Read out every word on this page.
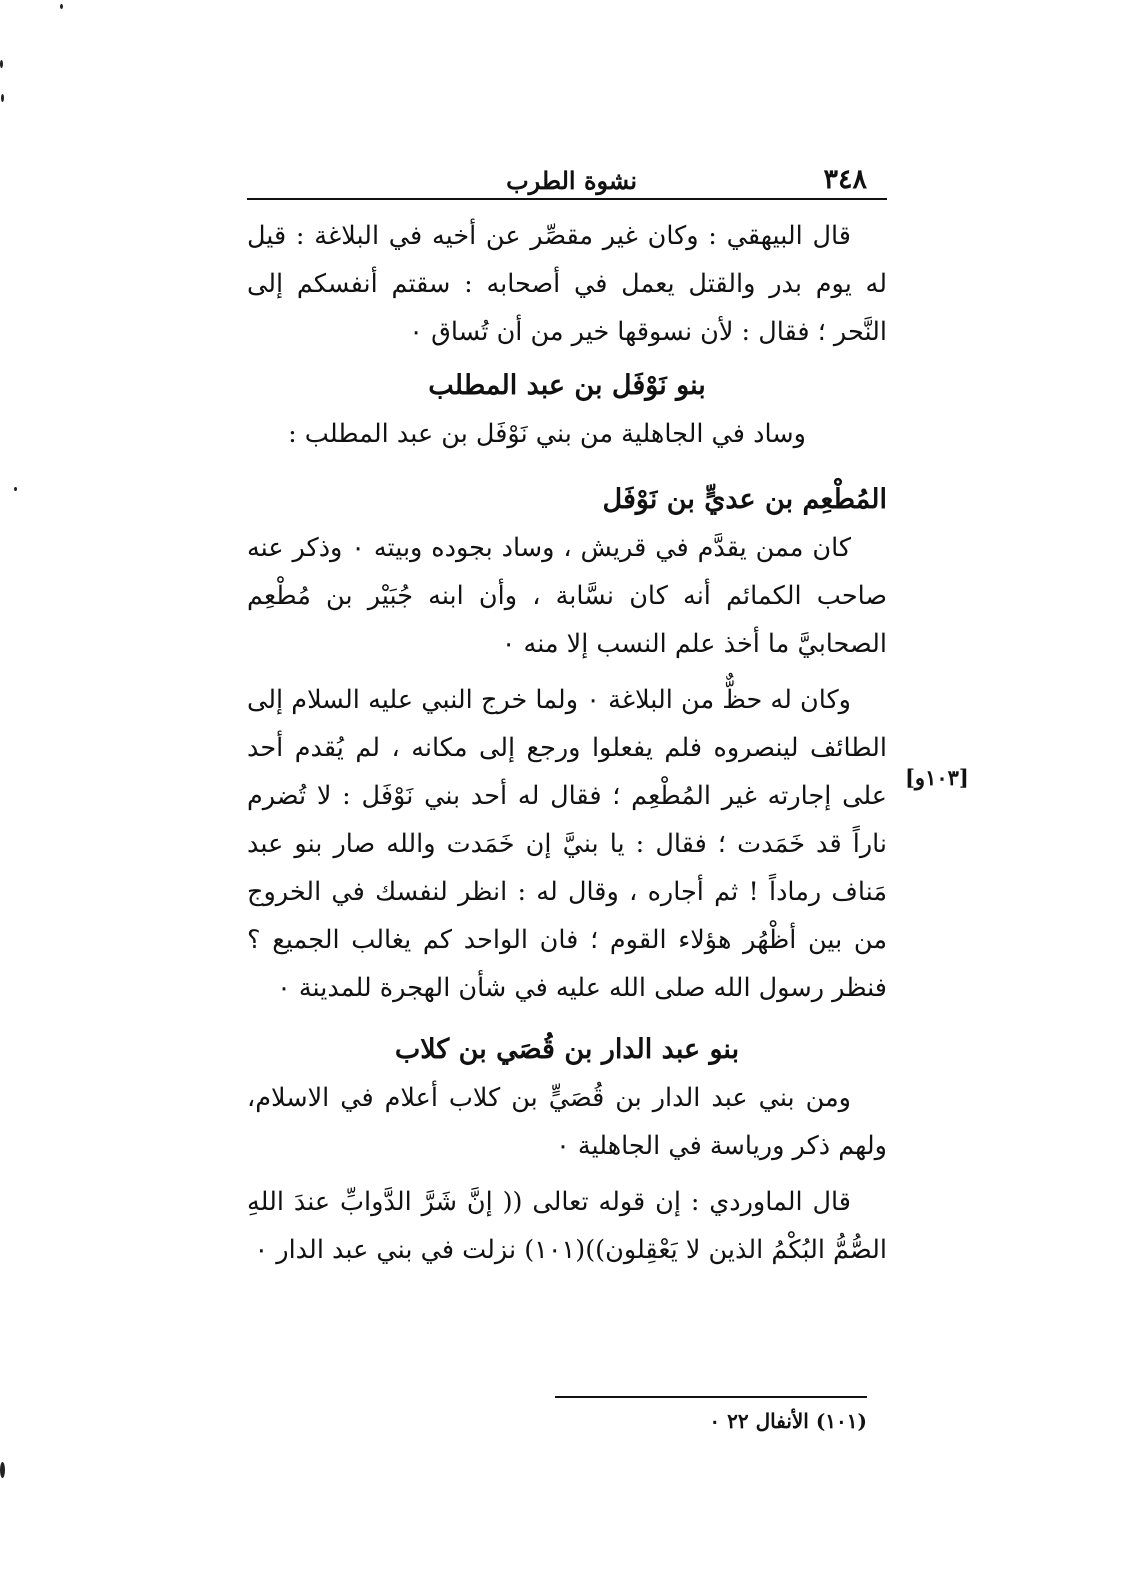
٣٤٨
نشوة الطرب

قال البيهقي : وكان غير مقصِّر عن أخيه في البلاغة : قيل له يوم بدر والقتل يعمل في أصحابه : سقتم أنفسكم إلى النَّحر ؛ فقال : لأن نسوقها خير من أن تُساق ٠

بنو نَوْفَل بن عبد المطلب
وساد في الجاهلية من بني نَوْفَل بن عبد المطلب :
المُطْعِم بن عديٍّ بن نَوْفَل

كان ممن يقدَّم في قريش ، وساد بجوده وبيته ٠ وذكر عنه صاحب الكمائم أنه كان نسَّابة ، وأن ابنه جُبَيْر بن مُطْعِم الصحابيَّ ما أخذ علم النسب إلا منه ٠

وكان له حظٌّ من البلاغة ٠ ولما خرج النبي عليه السلام إلى الطائف لينصروه فلم يفعلوا ورجع إلى مكانه ، لم يُقدم أحد على إجارته غير المُطْعِم ؛ فقال له أحد بني نَوْفَل : لا تُضرم ناراً قد خَمَدت ؛ فقال : يا بنيَّ إن خَمَدت والله صار بنو عبد مَناف رماداً ! ثم أجاره ، وقال له : انظر لنفسك في الخروج من بين أظْهُر هؤلاء القوم ؛ فان الواحد كم يغالب الجميع ؟ فنظر رسول الله صلى الله عليه في شأن الهجرة للمدينة ٠

بنو عبد الدار بن قُصَي بن كلاب

ومن بني عبد الدار بن قُصَيٍّ بن كلاب أعلام في الاسلام، ولهم ذكر ورياسة في الجاهلية ٠

قال الماوردي : إن قوله تعالى (( إنَّ شَرَّ الدَّوابِّ عندَ اللهِ الصُّمُّ البُكْمُ الذين لا يَعْقِلون))(١٠١) نزلت في بني عبد الدار ٠

[١٠٣و]
(١٠١) الأنفال ٢٢ ٠
